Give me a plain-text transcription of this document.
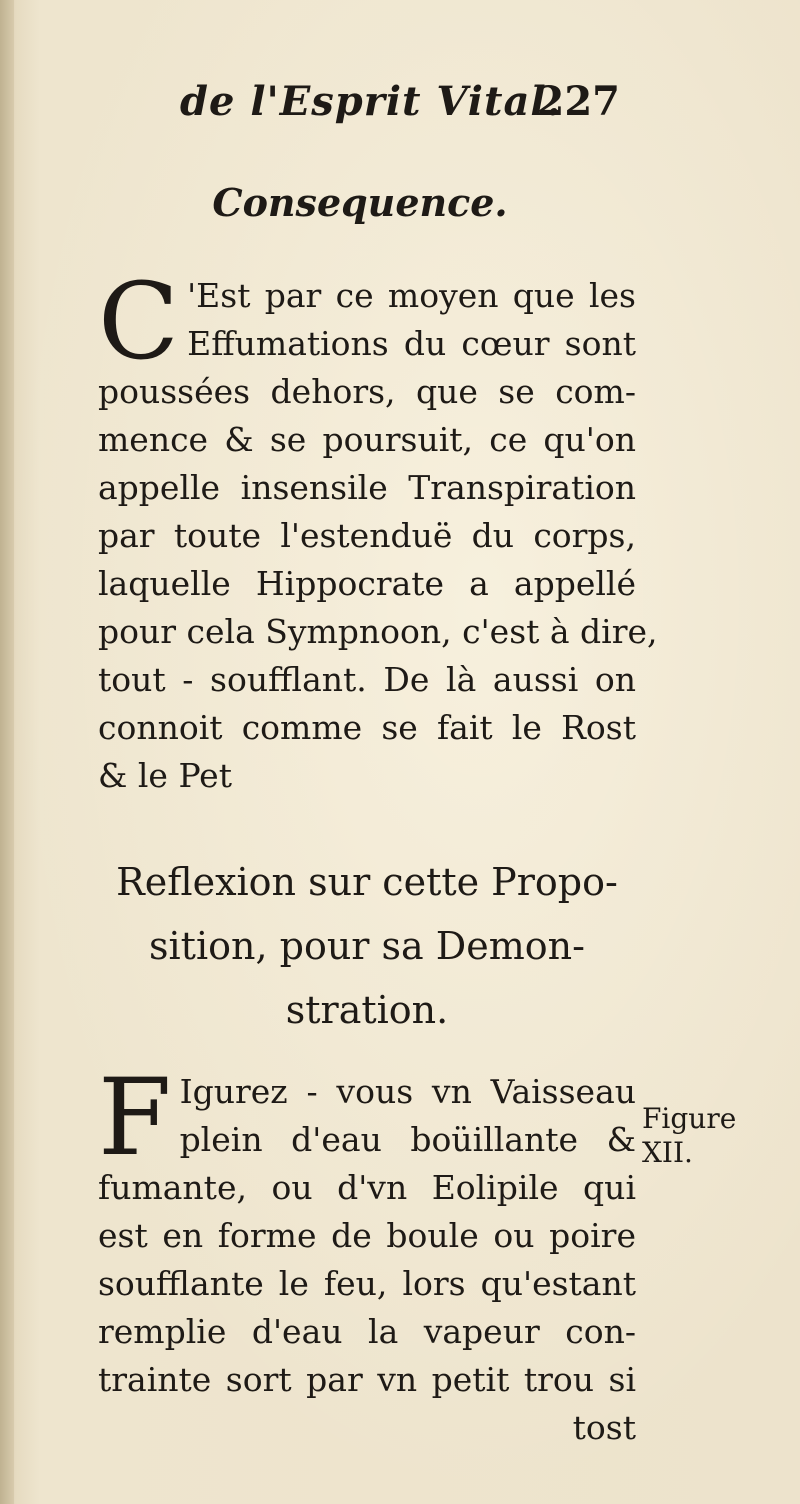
de l'Esprit Vital.
227
Consequence.
C 'Est par ce moyen que les
Effumations du cœur sont
poussées dehors, que se com-
mence & se poursuit, ce qu'on
appelle insensile Transpiration
par toute l'estenduë du corps,
laquelle Hippocrate a appellé
pour cela Sympnoon, c'est à dire,
tout - soufflant. De là aussi on
connoit comme se fait le Rost
& le Pet
Reflexion sur cette Propo-
sition, pour sa Demon-
stration.
F Igurez - vous vn Vaisseau
plein d'eau boüillante &
fumante, ou d'vn Eolipile qui
est en forme de boule ou poire
soufflante le feu, lors qu'estant
remplie d'eau la vapeur con-
trainte sort par vn petit trou si
Figure
XII.
tost
